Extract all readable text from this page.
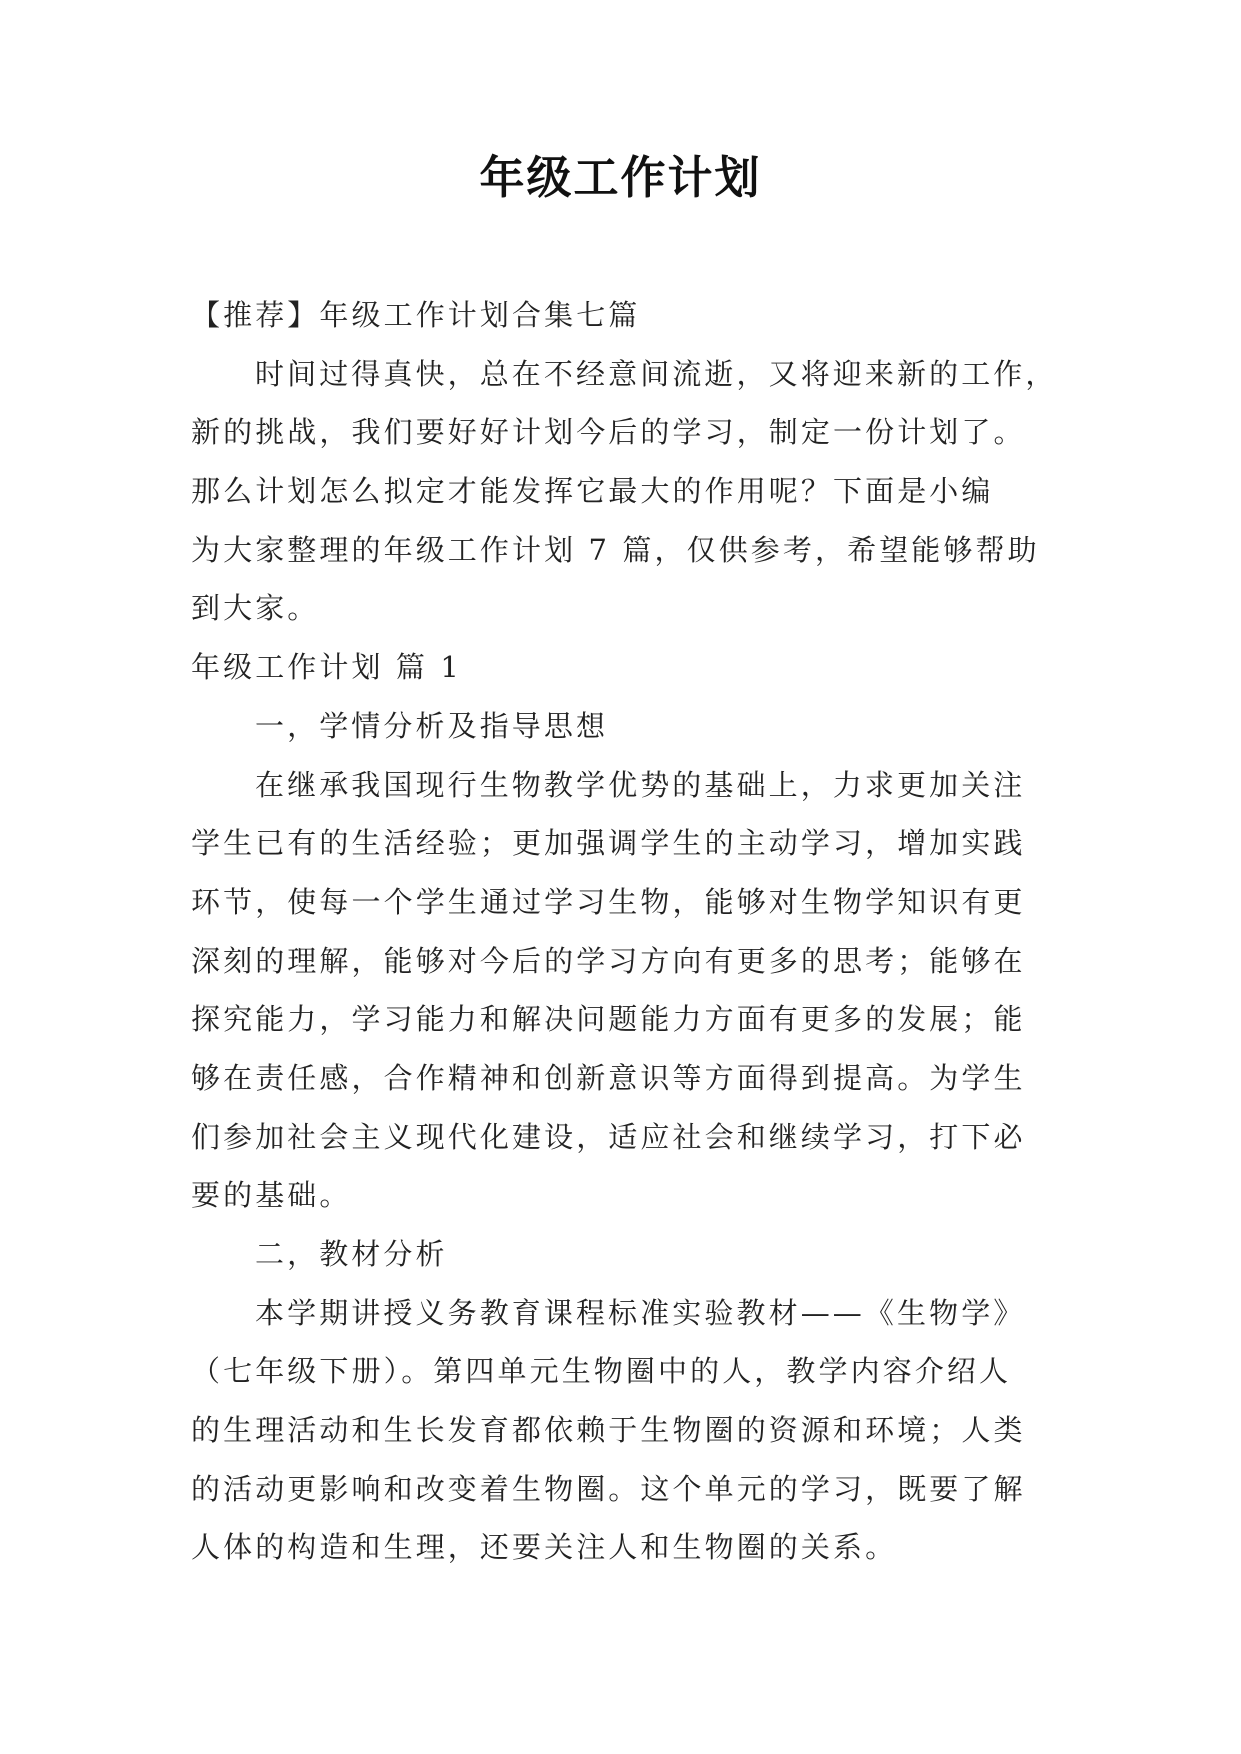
年级工作计划
【推荐】年级工作计划合集七篇
时间过得真快，总在不经意间流逝，又将迎来新的工作，
新的挑战，我们要好好计划今后的学习，制定一份计划了。
那么计划怎么拟定才能发挥它最大的作用呢？下面是小编
为大家整理的年级工作计划 7 篇，仅供参考，希望能够帮助
到大家。
年级工作计划 篇 1
一，学情分析及指导思想
在继承我国现行生物教学优势的基础上，力求更加关注
学生已有的生活经验；更加强调学生的主动学习，增加实践
环节，使每一个学生通过学习生物，能够对生物学知识有更
深刻的理解，能够对今后的学习方向有更多的思考；能够在
探究能力，学习能力和解决问题能力方面有更多的发展；能
够在责任感，合作精神和创新意识等方面得到提高。为学生
们参加社会主义现代化建设，适应社会和继续学习，打下必
要的基础。
二，教材分析
本学期讲授义务教育课程标准实验教材——《生物学》
（七年级下册）。第四单元生物圈中的人，教学内容介绍人
的生理活动和生长发育都依赖于生物圈的资源和环境；人类
的活动更影响和改变着生物圈。这个单元的学习，既要了解
人体的构造和生理，还要关注人和生物圈的关系。
